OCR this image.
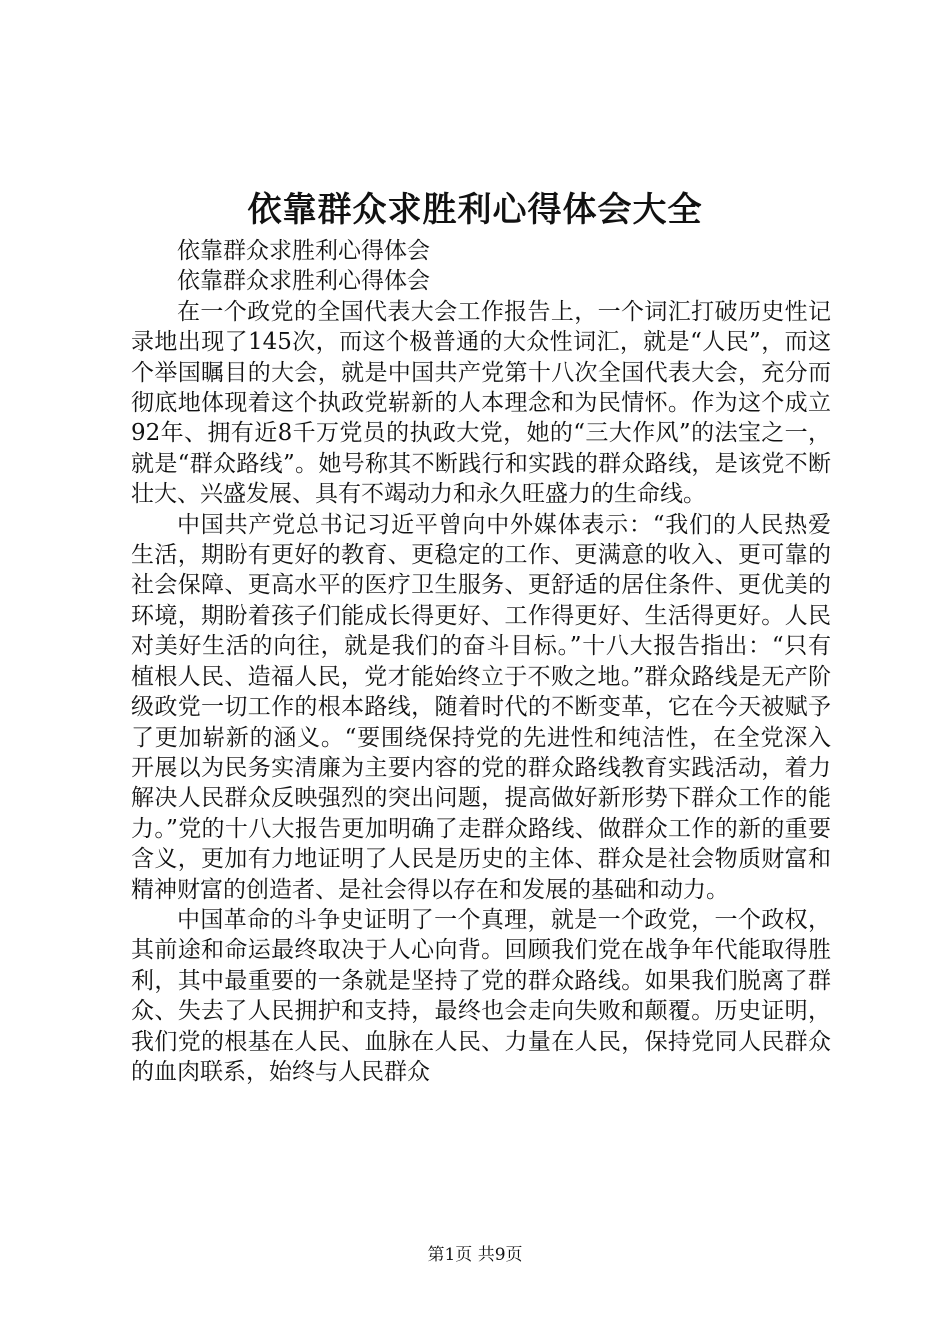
依靠群众求胜利心得体会大全

依靠群众求胜利心得体会

依靠群众求胜利心得体会

在一个政党的全国代表大会工作报告上，一个词汇打破历史性记录地出现了145次，而这个极普通的大众性词汇，就是“人民”，而这个举国瞩目的大会，就是中国共产党第十八次全国代表大会，充分而彻底地体现着这个执政党崭新的人本理念和为民情怀。作为这个成立92年、拥有近8千万党员的执政大党，她的“三大作风”的法宝之一，就是“群众路线”。她号称其不断践行和实践的群众路线，是该党不断壮大、兴盛发展、具有不竭动力和永久旺盛力的生命线。

中国共产党总书记习近平曾向中外媒体表示：“我们的人民热爱生活，期盼有更好的教育、更稳定的工作、更满意的收入、更可靠的社会保障、更高水平的医疗卫生服务、更舒适的居住条件、更优美的环境，期盼着孩子们能成长得更好、工作得更好、生活得更好。人民对美好生活的向往，就是我们的奋斗目标。”十八大报告指出：“只有植根人民、造福人民，党才能始终立于不败之地。”群众路线是无产阶级政党一切工作的根本路线，随着时代的不断变革，它在今天被赋予了更加崭新的涵义。“要围绕保持党的先进性和纯洁性，在全党深入开展以为民务实清廉为主要内容的党的群众路线教育实践活动，着力解决人民群众反映强烈的突出问题，提高做好新形势下群众工作的能力。”党的十八大报告更加明确了走群众路线、做群众工作的新的重要含义，更加有力地证明了人民是历史的主体、群众是社会物质财富和精神财富的创造者、是社会得以存在和发展的基础和动力。

中国革命的斗争史证明了一个真理，就是一个政党，一个政权，其前途和命运最终取决于人心向背。回顾我们党在战争年代能取得胜利，其中最重要的一条就是坚持了党的群众路线。如果我们脱离了群众、失去了人民拥护和支持，最终也会走向失败和颠覆。历史证明，我们党的根基在人民、血脉在人民、力量在人民，保持党同人民群众的血肉联系，始终与人民群众

第1页 共9页
